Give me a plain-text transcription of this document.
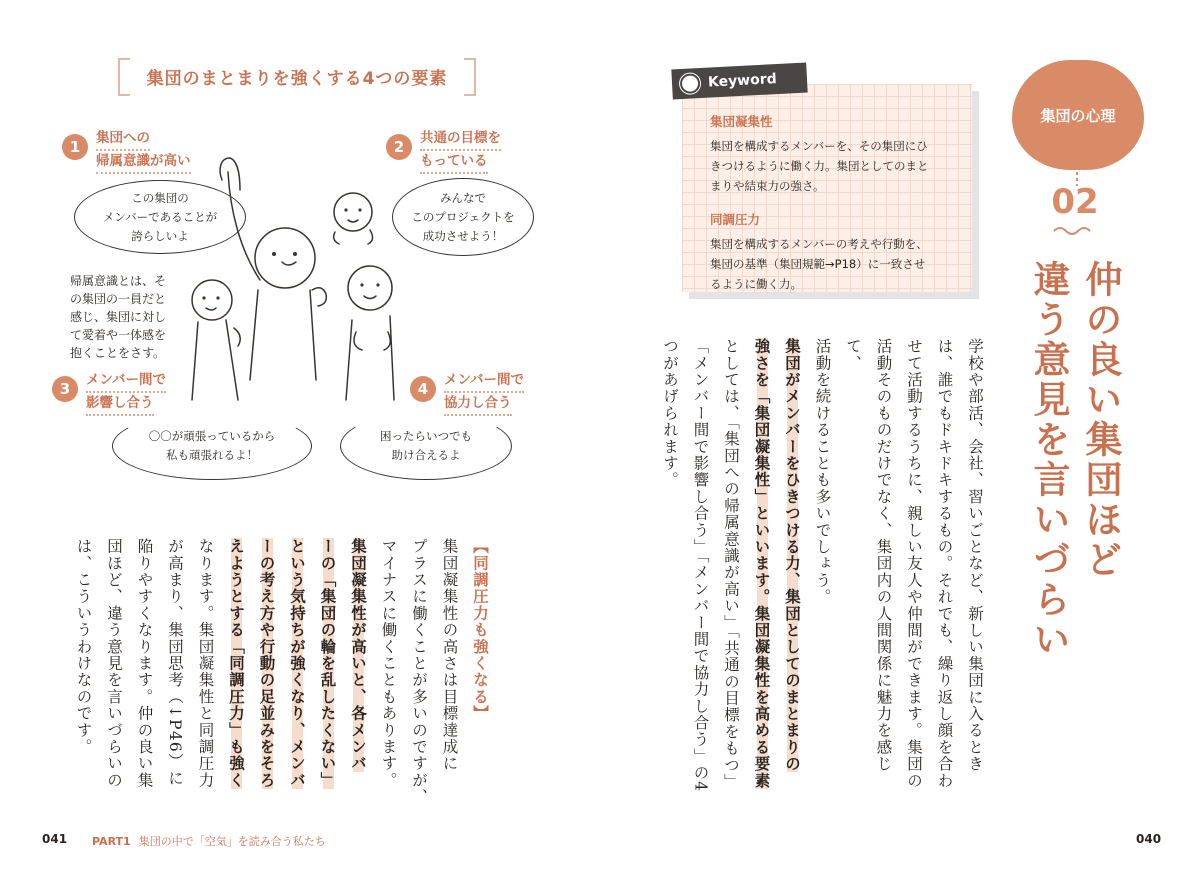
集団のまとまりを強くする4つの要素
1	集団への
帰属意識が高い
この集団の
メンバーであることが
誇らしいよ
2	共通の目標を
もっている
みんなで
このプロジェクトを
成功させよう！
帰属意識とは、そ
の集団の一員だと
感じ、集団に対し
て愛着や一体感を
抱くことをさす。
3	メンバー間で
影響し合う
〇〇が頑張っているから
私も頑張れるよ！
4	メンバー間で
協力し合う
困ったらいつでも
助け合えるよ
【同調圧力も強くなる】
集団凝集性の高さは目標達成に
プラスに働くことが多いのですが、
マイナスに働くこともあります。
集団凝集性が高いと、各メンバ
ーの「集団の輪を乱したくない」
という気持ちが強くなり、メンバ
ーの考え方や行動の足並みをそろ
えようとする「同調圧力」も強く
なります。集団凝集性と同調圧力
が高まり、集団思考（↓P46）に
陥りやすくなります。仲の良い集
団ほど、違う意見を言いづらいの
は、こういうわけなのです。
041 PART1 集団の中で「空気」を読み合う私たち
集団凝集性
集団を構成するメンバーを、その集団にひ
きつけるように働く力。集団としてのまと
まりや結束力の強さ。
同調圧力
集団を構成するメンバーの考えや行動を、
集団の基準（集団規範→P18）に一致させ
るように働く力。
Keyword
集団の心理
02
仲の良い集団ほど
違う意見を言いづらい
学校や部活、会社、習いごとなど、新しい集団に入るとき
は、誰でもドキドキするもの。それでも、繰り返し顔を合わ
せて活動するうちに、親しい友人や仲間ができます。集団の
活動そのものだけでなく、集団内の人間関係に魅力を感じて、
活動を続けることも多いでしょう。
集団がメンバーをひきつける力、集団としてのまとまりの
強さを「集団凝集性」といいます。集団凝集性を高める要素
としては、「集団への帰属意識が高い」「共通の目標をもつ」
「メンバー間で影響し合う」「メンバー間で協力し合う」の4
つがあげられます。
040
